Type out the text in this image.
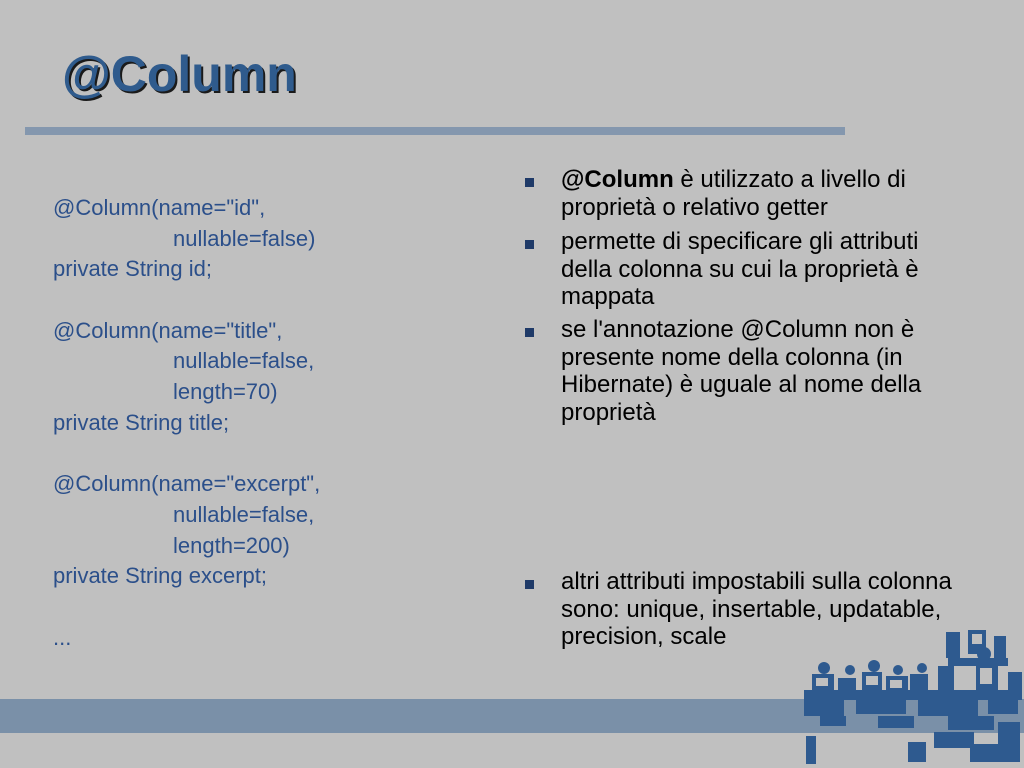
@Column
@Column(name="id",
nullable=false)
private String id;
@Column(name="title",
nullable=false,
length=70)
private String title;
@Column(name="excerpt",
nullable=false,
length=200)
private String excerpt;
...
@Column è utilizzato a livello di proprietà o relativo getter
permette di specificare gli attributi della colonna su cui la proprietà è mappata
se l'annotazione @Column non è presente nome della colonna (in Hibernate) è uguale al nome della proprietà
altri attributi impostabili sulla colonna sono: unique, insertable, updatable, precision, scale
